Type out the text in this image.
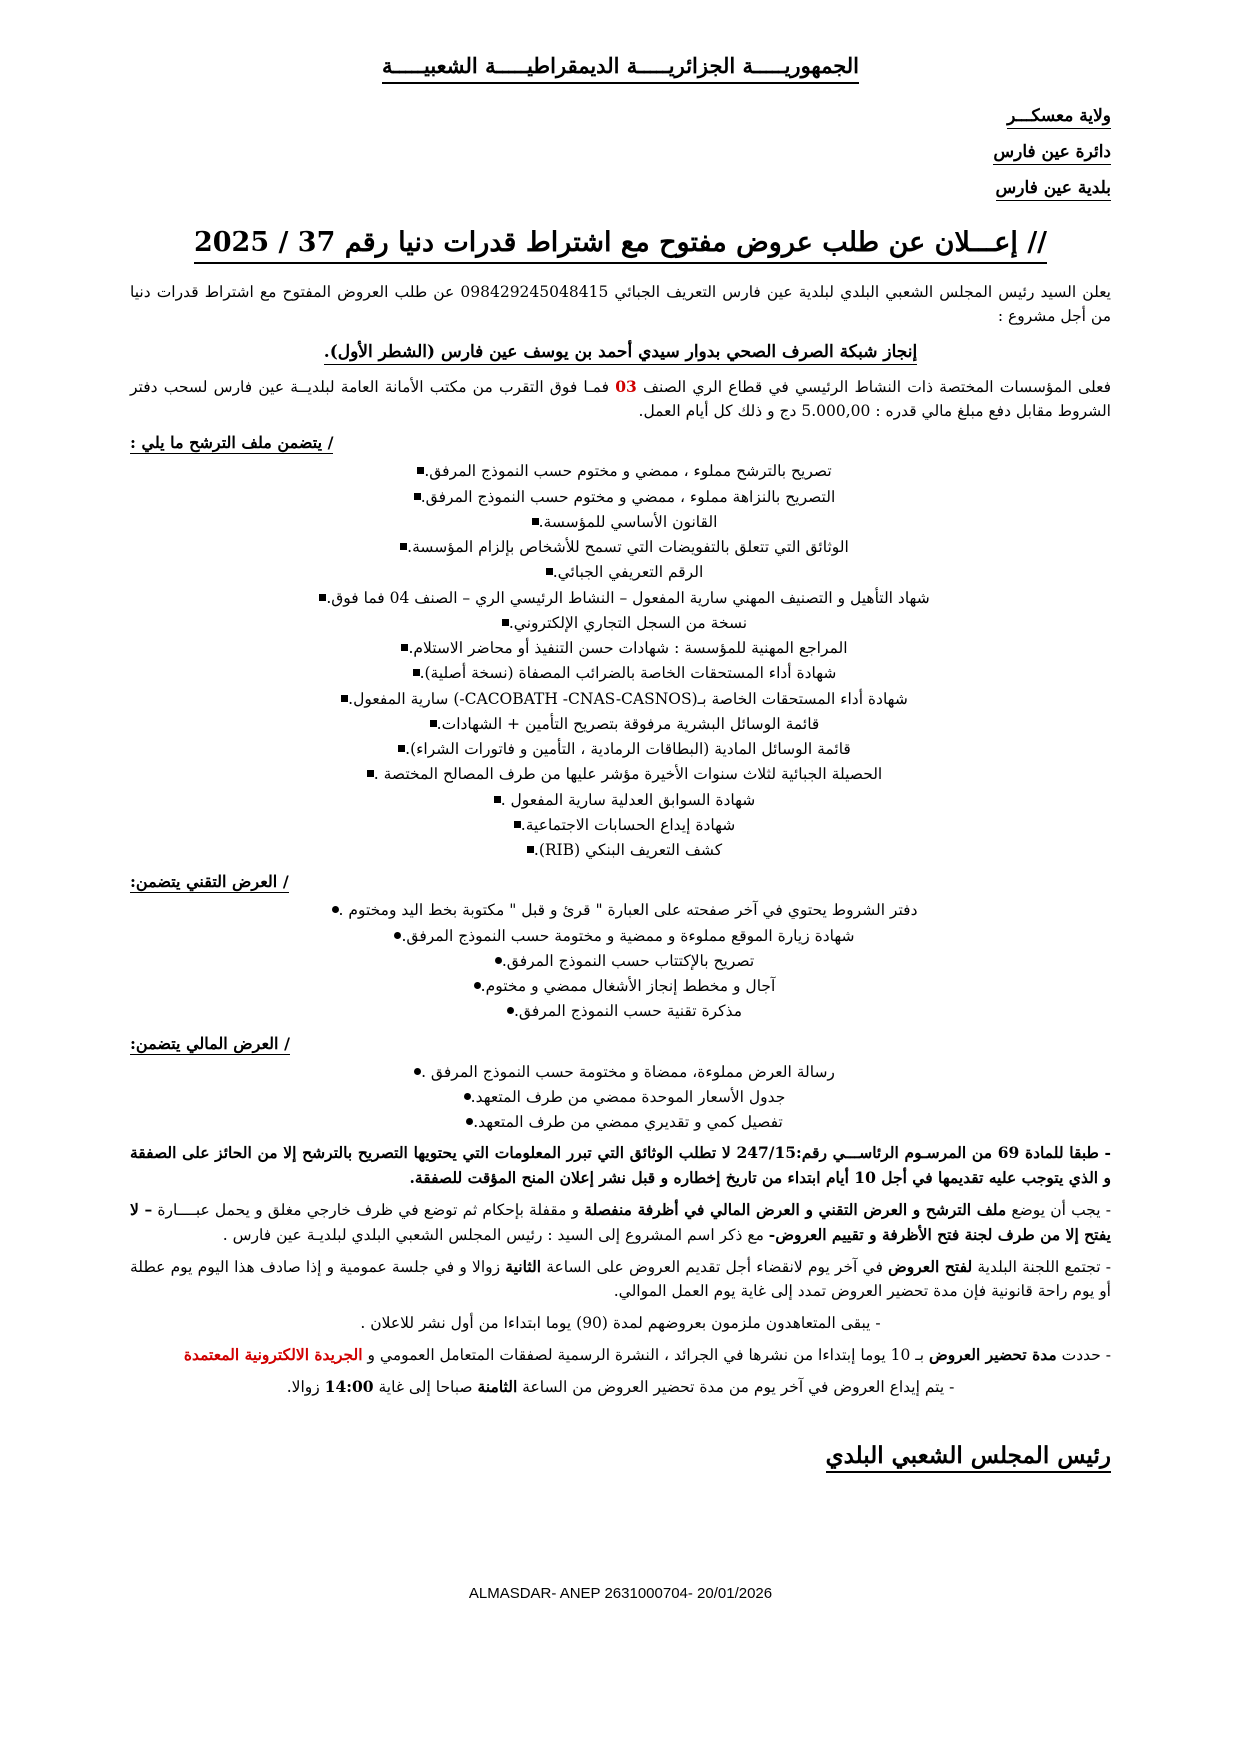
الجمهوريـــــة الجزائريـــــة الديمقراطيـــــة الشعبيـــــة
ولاية معسكـــر
دائرة عين فارس
بلدية عين فارس
// إعـــلان عن طلب عروض مفتوح مع اشتراط قدرات دنيا رقم 37 / 2025

يعلن السيد رئيس المجلس الشعبي البلدي لبلدية عين فارس التعريف الجبائي 098429245048415 عن طلب العروض المفتوح مع اشتراط قدرات دنيا من أجل مشروع :

إنجاز شبكة الصرف الصحي بدوار سيدي أحمد بن يوسف عين فارس (الشطر الأول).

فعلى المؤسسات المختصة ذات النشاط الرئيسي في قطاع الري الصنف 03 فمـا فوق التقرب من مكتب الأمانة العامة لبلديــة عين فارس لسحب دفتر الشروط مقابل دفع مبلغ مالي قدره : 5.000,00 دج و ذلك كل أيام العمل.

/ يتضمن ملف الترشح ما يلي :
تصريح بالترشح مملوء ، ممضي و مختوم حسب النموذج المرفق.
التصريح بالنزاهة مملوء ، ممضي و مختوم حسب النموذج المرفق.
القانون الأساسي للمؤسسة.
الوثائق التي تتعلق بالتفويضات التي تسمح للأشخاص بإلزام المؤسسة.
الرقم التعريفي الجبائي.
شهاد التأهيل و التصنيف المهني سارية المفعول – النشاط الرئيسي الري – الصنف 04 فما فوق.
نسخة من السجل التجاري الإلكتروني.
المراجع المهنية للمؤسسة : شهادات حسن التنفيذ أو محاضر الاستلام.
شهادة أداء المستحقات الخاصة بالضرائب المصفاة (نسخة أصلية).
شهادة أداء المستحقات الخاصة بـ(CACOBATH -CNAS-CASNOS-) سارية المفعول.
قائمة الوسائل البشرية مرفوقة بتصريح التأمين + الشهادات.
قائمة الوسائل المادية (البطاقات الرمادية ، التأمين و فاتورات الشراء).
الحصيلة الجبائية لثلاث سنوات الأخيرة مؤشر عليها من طرف المصالح المختصة .
شهادة السوابق العدلية سارية المفعول .
شهادة إيداع الحسابات الاجتماعية.
كشف التعريف البنكي (RIB).
/ العرض التقني يتضمن:
دفتر الشروط يحتوي في آخر صفحته على العبارة " قرئ و قبل " مكتوبة بخط اليد ومختوم .
شهادة زيارة الموقع مملوءة و ممضية و مختومة حسب النموذج المرفق.
تصريح بالإكتتاب حسب النموذج المرفق.
آجال و مخطط إنجاز الأشغال ممضي و مختوم.
مذكرة تقنية حسب النموذج المرفق.
/ العرض المالي يتضمن:
رسالة العرض مملوءة، ممضاة و مختومة حسب النموذج المرفق .
جدول الأسعار الموحدة ممضي من طرف المتعهد.
تفصيل كمي و تقديري ممضي من طرف المتعهد.

- طبقا للمادة 69 من المرسـوم الرئاســـي رقم:247/15 لا تطلب الوثائق التي تبرر المعلومات التي يحتويها التصريح بالترشح إلا من الحائز على الصفقة و الذي يتوجب عليه تقديمها في أجل 10 أيام ابتداء من تاريخ إخطاره و قبل نشر إعلان المنح المؤقت للصفقة.

- يجب أن يوضع ملف الترشح و العرض التقني و العرض المالي في أظرفة منفصلة و مقفلة بإحكام ثم توضع في ظرف خارجي مغلق و يحمل عبــــارة – لا يفتح إلا من طرف لجنة فتح الأظرفة و تقييم العروض- مع ذكر اسم المشروع إلى السيد : رئيس المجلس الشعبي البلدي لبلديـة عين فارس .

- تجتمع اللجنة البلدية لفتح العروض في آخر يوم لانقضاء أجل تقديم العروض على الساعة الثانية زوالا و في جلسة عمومية و إذا صادف هذا اليوم يوم عطلة أو يوم راحة قانونية فإن مدة تحضير العروض تمدد إلى غاية يوم العمل الموالي.

- يبقى المتعاهدون ملزمون بعروضهم لمدة (90) يوما ابتداءا من أول نشر للاعلان .

- حددت مدة تحضير العروض بـ 10 يوما إبتداءا من نشرها في الجرائد ، النشرة الرسمية لصفقات المتعامل العمومي و الجريدة الالكترونية المعتمدة

- يتم إيداع العروض في آخر يوم من مدة تحضير العروض من الساعة الثامنة صباحا إلى غاية 14:00 زوالا.

رئيس المجلس الشعبي البلدي
ALMASDAR- ANEP 2631000704- 20/01/2026
